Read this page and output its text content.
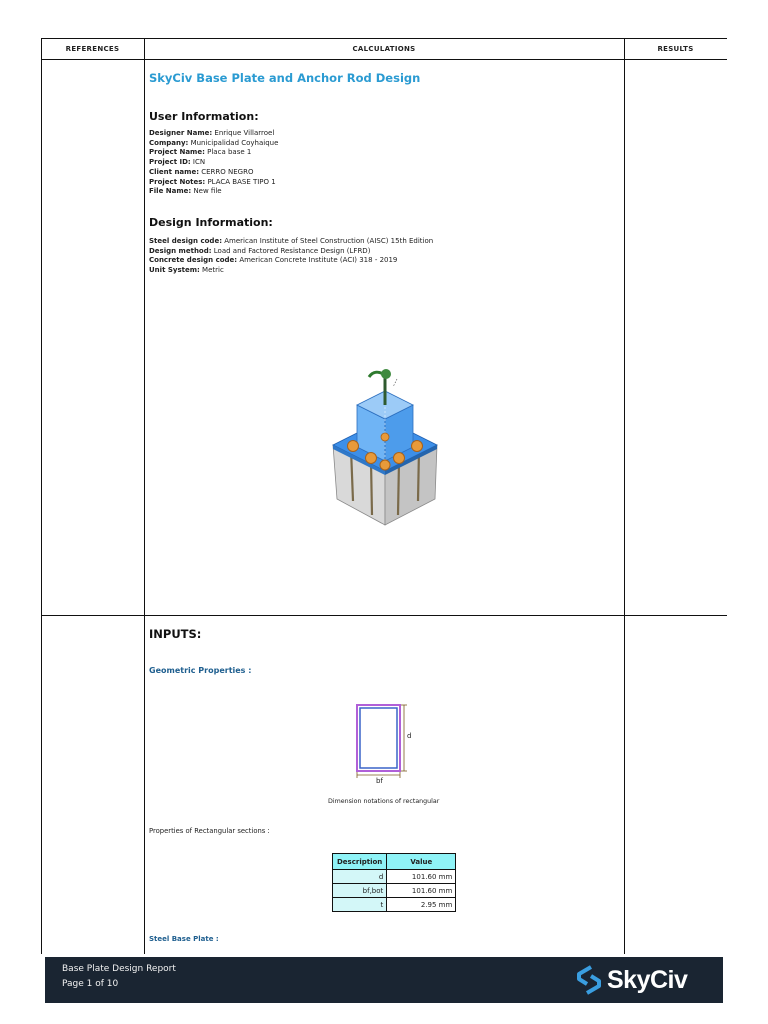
REFERENCES	CALCULATIONS	RESULTS
SkyCiv Base Plate and Anchor Rod Design
User Information:
Designer Name: Enrique Villarroel
Company: Municipalidad Coyhaique
Project Name: Placa base 1
Project ID: ICN
Client name: CERRO NEGRO
Project Notes: PLACA BASE TIPO 1
File Name: New file
Design Information:
Steel design code: American Institute of Steel Construction (AISC) 15th Edition
Design method: Load and Factored Resistance Design (LFRD)
Concrete design code: American Concrete Institute (ACI) 318 - 2019
Unit System: Metric
INPUTS:
Geometric Properties :
d
bf
Dimension notations of rectangular
Properties of Rectangular sections :
Description	Value
d	101.60 mm
bf,bot	101.60 mm
t	2.95 mm
Steel Base Plate :
Base Plate Design Report
Page 1 of 10	SkyCiv
